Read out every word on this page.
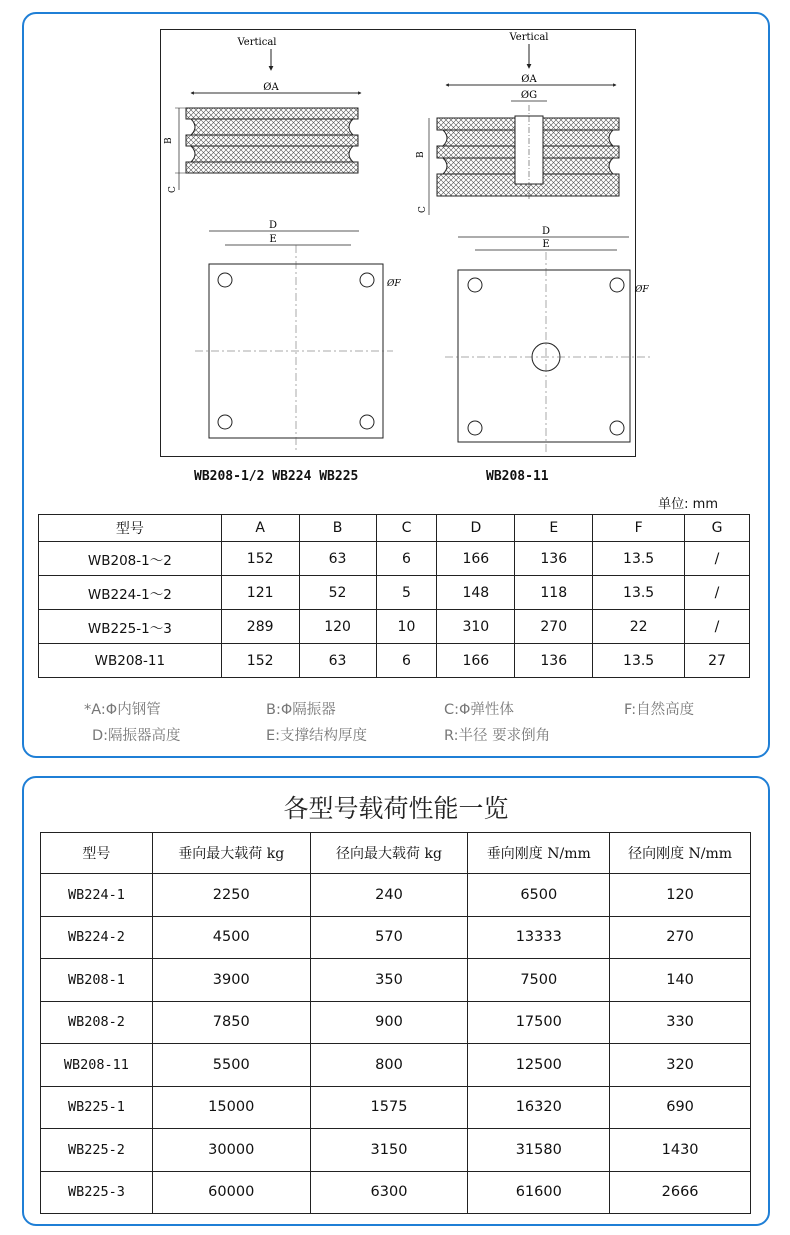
Vertical
ØA
B
C
Vertical
ØA
ØG
B
C
D
E
ØF
D
E
ØF
WB208-1/2 WB224 WB225	WB208-11
单位: mm
型号	A	B	C	D	E	F	G
WB208-1～2	152	63	6	166	136	13.5	/
WB224-1～2	121	52	5	148	118	13.5	/
WB225-1～3	289	120	10	310	270	22	/
WB208-11	152	63	6	166	136	13.5	27
*A:Φ内钢管	B:Φ隔振器	C:Φ弹性体	F:自然高度
D:隔振器高度	E:支撑结构厚度	R:半径 要求倒角
各型号载荷性能一览
型号	垂向最大载荷 kg	径向最大载荷 kg	垂向刚度 N/mm	径向刚度 N/mm
WB224-1	2250	240	6500	120
WB224-2	4500	570	13333	270
WB208-1	3900	350	7500	140
WB208-2	7850	900	17500	330
WB208-11	5500	800	12500	320
WB225-1	15000	1575	16320	690
WB225-2	30000	3150	31580	1430
WB225-3	60000	6300	61600	2666
